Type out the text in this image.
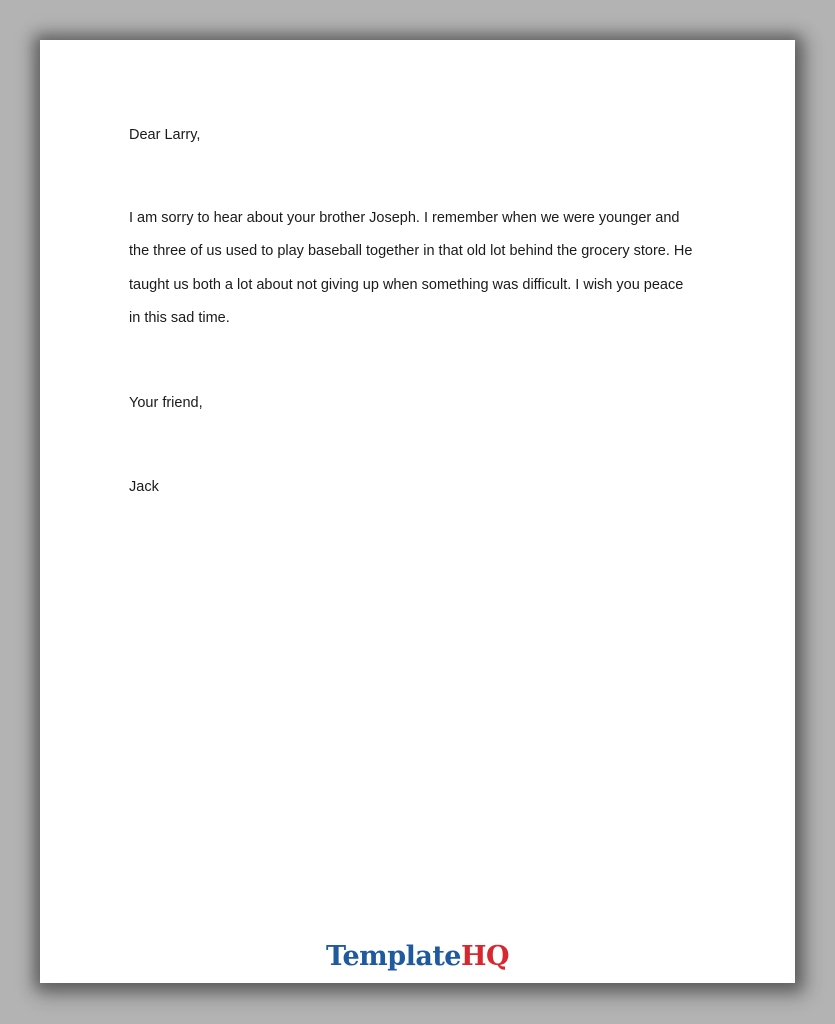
Dear Larry,
I am sorry to hear about your brother Joseph. I remember when we were younger and
the three of us used to play baseball together in that old lot behind the grocery store. He
taught us both a lot about not giving up when something was difficult. I wish you peace
in this sad time.
Your friend,
Jack
TemplateHQ
